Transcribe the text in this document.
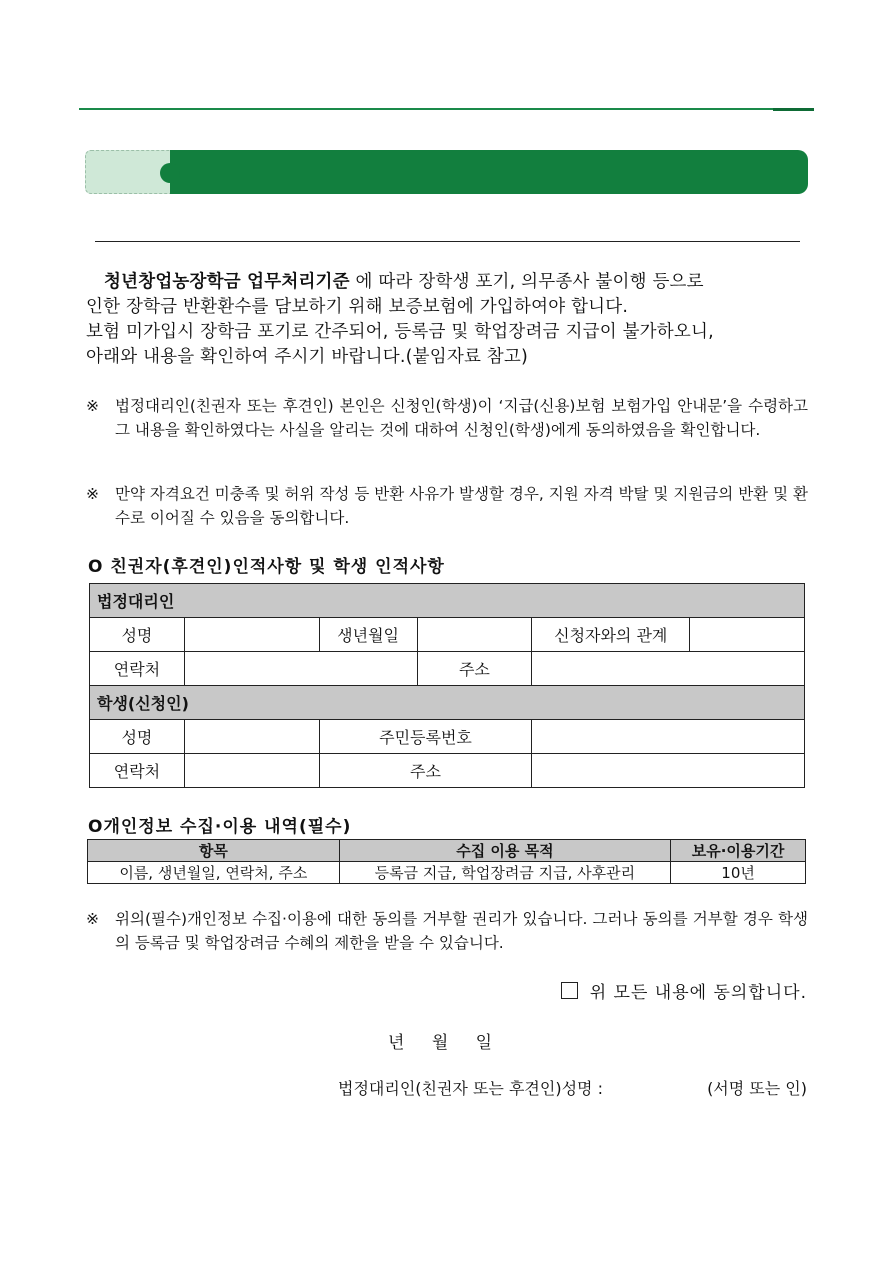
청년창업농장학금 업무처리기준 에 따라 장학생 포기, 의무종사 불이행 등으로
인한 장학금 반환환수를 담보하기 위해 보증보험에 가입하여야 합니다.
보험 미가입시 장학금 포기로 간주되어, 등록금 및 학업장려금 지급이 불가하오니,
아래와 내용을 확인하여 주시기 바랍니다.(붙임자료 참고)
※ 법정대리인(친권자 또는 후견인) 본인은 신청인(학생)이 ‘지급(신용)보험 보험가입 안내문’을 수령하고 그 내용을 확인하였다는 사실을 알리는 것에 대하여 신청인(학생)에게 동의하였음을 확인합니다.
※ 만약 자격요건 미충족 및 허위 작성 등 반환 사유가 발생할 경우, 지원 자격 박탈 및 지원금의 반환 및 환수로 이어질 수 있음을 동의합니다.
O 친권자(후견인)인적사항 및 학생 인적사항
법정대리인					
성명		생년월일		신청자와의 관계	
연락처			주소		
학생(신청인)					
성명		주민등록번호			
연락처		주소			
O개인정보 수집·이용 내역(필수)
항목	수집 이용 목적	보유·이용기간
이름, 생년월일, 연락처, 주소	등록금 지급, 학업장려금 지급, 사후관리	10년
※ 위의(필수)개인정보 수집·이용에 대한 동의를 거부할 권리가 있습니다. 그러나 동의를 거부할 경우 학생의 등록금 및 학업장려금 수혜의 제한을 받을 수 있습니다.
위 모든 내용에 동의합니다.
년 월 일
법정대리인(친권자 또는 후견인)성명 :	(서명 또는 인)
